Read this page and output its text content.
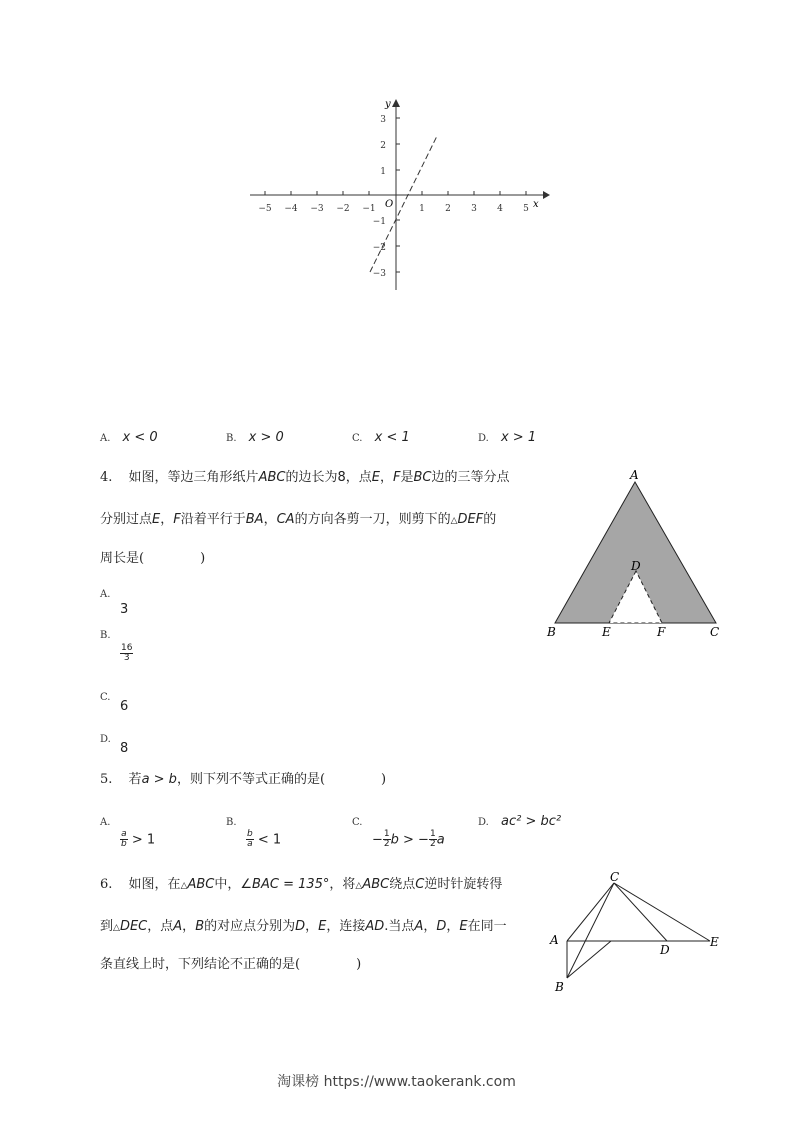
x
y
O
−5 −4 −3 −2 −1	1 2 3 4 5
3
2
1
−1
−2
−3
A. x < 0	B. x > 0	C. x < 1	D. x > 1
4. 如图，等边三角形纸片ABC的边长为8，点E，F是BC边的三等分点
分别过点E，F沿着平行于BA，CA的方向各剪一刀，则剪下的△DEF的
周长是(	)
A.
3
B.
$\frac{16}{3}$
C.
6
D.
8
A
B	C
D
E	F
5. 若a > b，则下列不等式正确的是(	)
A.
$\frac{a}{b} > 1$
B.
$\frac{b}{a} < 1$
C.
− $\frac{1}{2}$ b > − $\frac{1}{2}$ a
D. ac² > bc²
6. 如图，在△ABC中，∠BAC = 135°，将△ABC绕点C逆时针旋转得
到△DEC，点A，B的对应点分别为D，E，连接AD.当点A，D，E在同一
条直线上时，下列结论不正确的是(	)
C
A
B
D
E
淘课榜 https://www.taokerank.com
